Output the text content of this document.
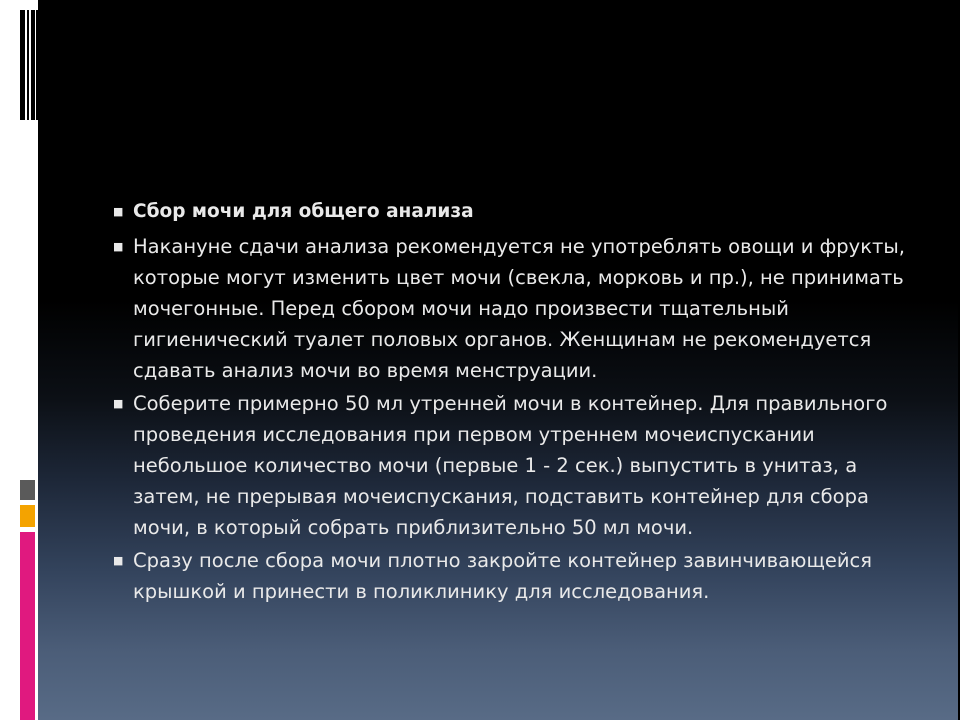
■ Сбор мочи для общего анализа
■ Накануне сдачи анализа рекомендуется не употреблять овощи и фрукты, которые могут изменить цвет мочи (свекла, морковь и пр.), не принимать мочегонные. Перед сбором мочи надо произвести тщательный гигиенический туалет половых органов. Женщинам не рекомендуется сдавать анализ мочи во время менструации.
■ Соберите примерно 50 мл утренней мочи в контейнер. Для правильного проведения исследования при первом утреннем мочеиспускании небольшое количество мочи (первые 1 - 2 сек.) выпустить в унитаз, а затем, не прерывая мочеиспускания, подставить контейнер для сбора мочи, в который собрать приблизительно 50 мл мочи.
■ Сразу после сбора мочи плотно закройте контейнер завинчивающейся крышкой и принести в поликлинику для исследования.
